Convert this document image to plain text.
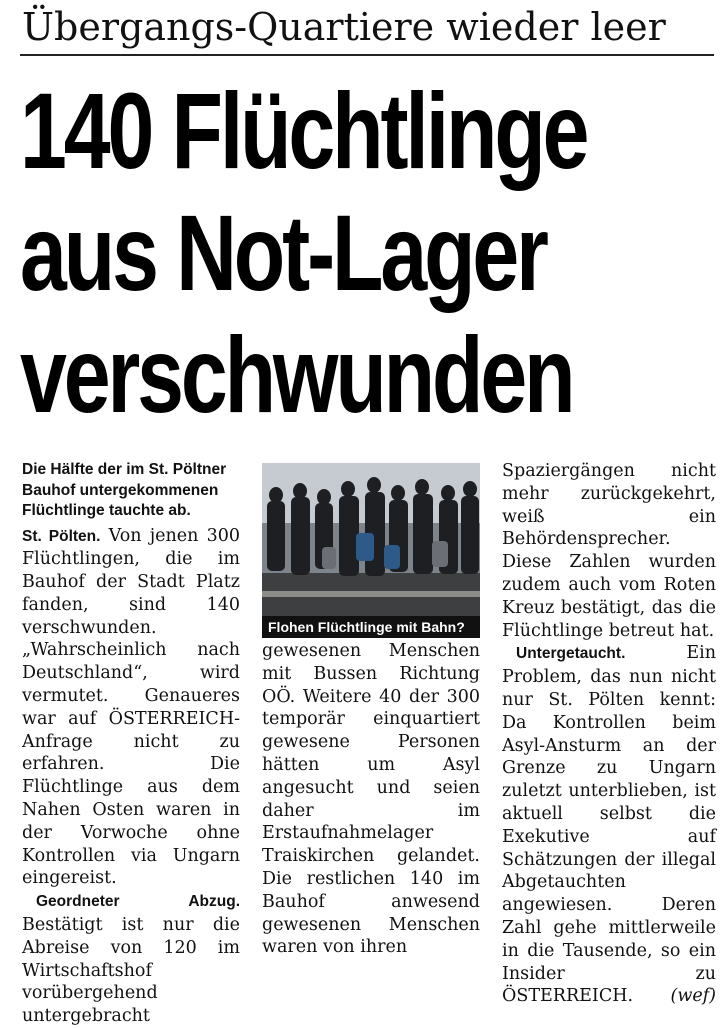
Übergangs-Quartiere wieder leer
140 Flüchtlinge
aus Not-Lager
verschwunden
Die Hälfte der im St. Pöltner Bauhof untergekommenen Flüchtlinge tauchte ab.

St. Pölten. Von jenen 300 Flüchtlingen, die im Bauhof der Stadt Platz fanden, sind 140 verschwunden. „Wahrscheinlich nach Deutschland“, wird vermutet. Genaueres war auf ÖSTERREICH-Anfrage nicht zu erfahren. Die Flüchtlinge aus dem Nahen Osten waren in der Vorwoche ohne Kontrollen via Ungarn eingereist.

Geordneter Abzug. Bestätigt ist nur die Abreise von 120 im Wirtschaftshof vorübergehend untergebracht

Flohen Flüchtlinge mit Bahn?

gewesenen Menschen mit Bussen Richtung OÖ. Weitere 40 der 300 temporär einquartiert gewesene Personen hätten um Asyl angesucht und seien daher im Erstaufnahmelager Traiskirchen gelandet. Die restlichen 140 im Bauhof anwesend gewesenen Menschen waren von ihren

Spaziergängen nicht mehr zurückgekehrt, weiß ein Behördensprecher. Diese Zahlen wurden zudem auch vom Roten Kreuz bestätigt, das die Flüchtlinge betreut hat.

Untergetaucht.	Ein Problem, das nun nicht nur St. Pölten kennt: Da Kontrollen beim Asyl-Ansturm an der Grenze zu Ungarn zuletzt unterblieben, ist aktuell selbst die Exekutive auf Schätzungen der illegal Abgetauchten angewiesen. Deren Zahl gehe mittlerweile in die Tausende, so ein Insider zu ÖSTERREICH.	(wef)
